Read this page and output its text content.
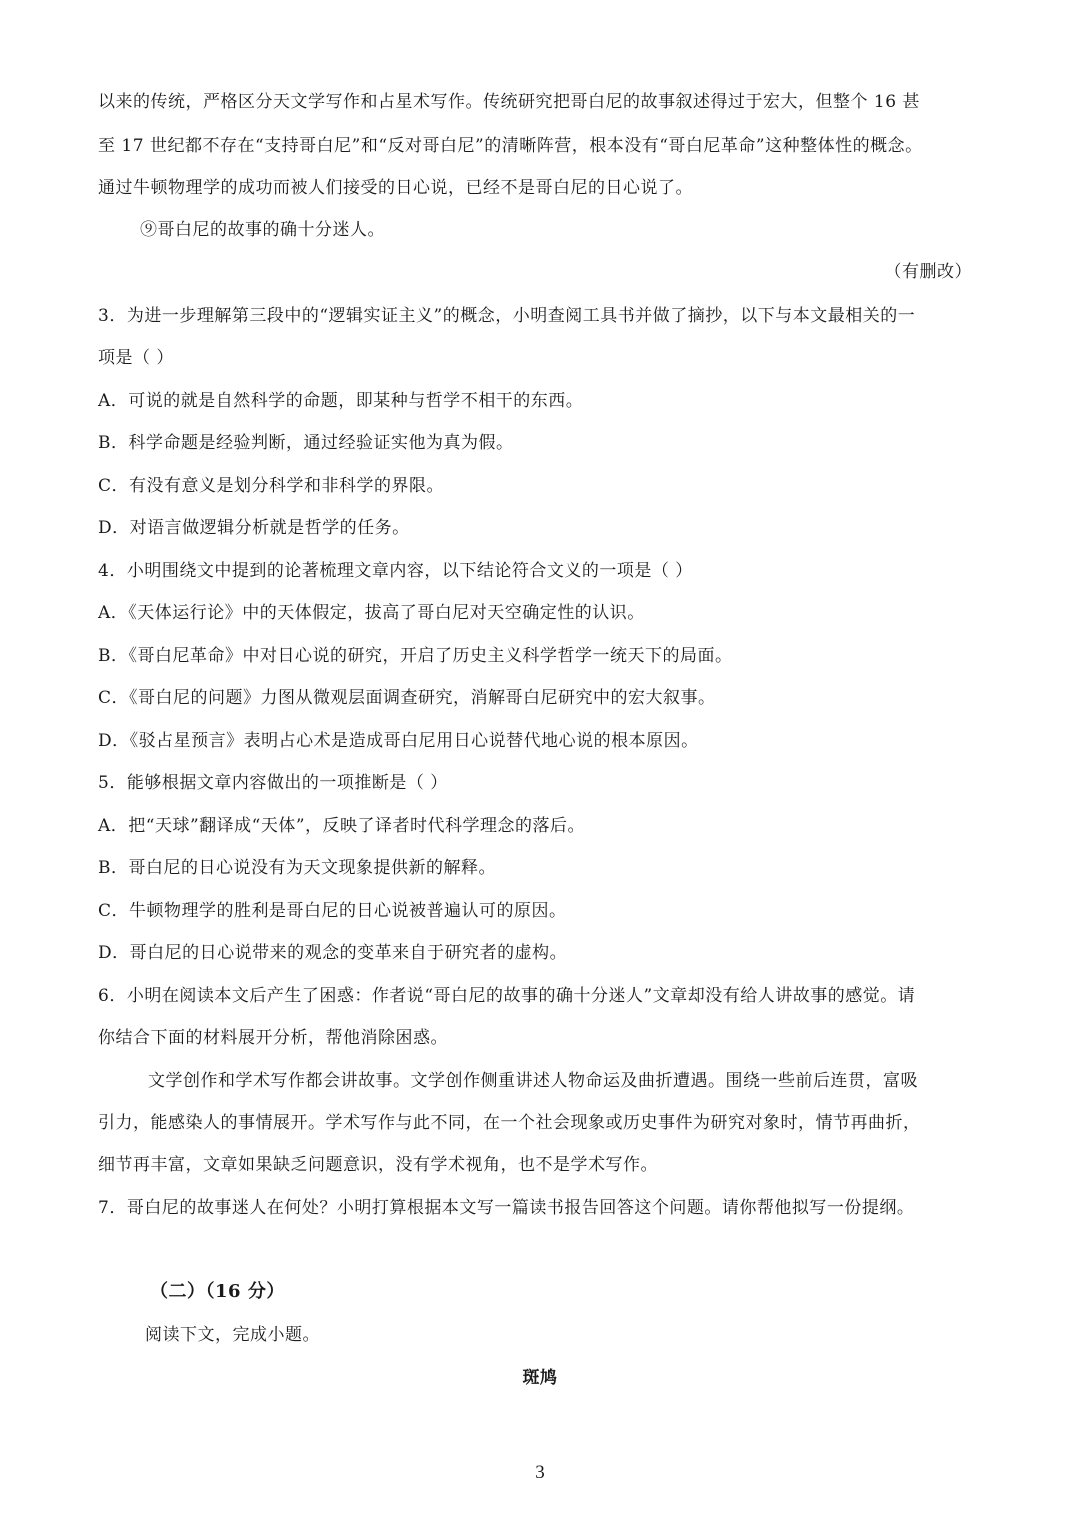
以来的传统，严格区分天文学写作和占星术写作。传统研究把哥白尼的故事叙述得过于宏大，但整个 16 甚
至 17 世纪都不存在“支持哥白尼”和“反对哥白尼”的清晰阵营，根本没有“哥白尼革命”这种整体性的概念。
通过牛顿物理学的成功而被人们接受的日心说，已经不是哥白尼的日心说了。
⑨哥白尼的故事的确十分迷人。
（有删改）
3．为进一步理解第三段中的“逻辑实证主义”的概念，小明查阅工具书并做了摘抄，以下与本文最相关的一
项是（ ）
A．可说的就是自然科学的命题，即某种与哲学不相干的东西。
B．科学命题是经验判断，通过经验证实他为真为假。
C．有没有意义是划分科学和非科学的界限。
D．对语言做逻辑分析就是哲学的任务。
4．小明围绕文中提到的论著梳理文章内容，以下结论符合文义的一项是（ ）
A．《天体运行论》中的天体假定，拔高了哥白尼对天空确定性的认识。
B．《哥白尼革命》中对日心说的研究，开启了历史主义科学哲学一统天下的局面。
C．《哥白尼的问题》力图从微观层面调查研究，消解哥白尼研究中的宏大叙事。
D．《驳占星预言》表明占心术是造成哥白尼用日心说替代地心说的根本原因。
5．能够根据文章内容做出的一项推断是（ ）
A．把“天球”翻译成“天体”，反映了译者时代科学理念的落后。
B．哥白尼的日心说没有为天文现象提供新的解释。
C．牛顿物理学的胜利是哥白尼的日心说被普遍认可的原因。
D．哥白尼的日心说带来的观念的变革来自于研究者的虚构。
6．小明在阅读本文后产生了困惑：作者说“哥白尼的故事的确十分迷人”文章却没有给人讲故事的感觉。请
你结合下面的材料展开分析，帮他消除困惑。
文学创作和学术写作都会讲故事。文学创作侧重讲述人物命运及曲折遭遇。围绕一些前后连贯，富吸
引力，能感染人的事情展开。学术写作与此不同，在一个社会现象或历史事件为研究对象时，情节再曲折，
细节再丰富，文章如果缺乏问题意识，没有学术视角，也不是学术写作。
7．哥白尼的故事迷人在何处？小明打算根据本文写一篇读书报告回答这个问题。请你帮他拟写一份提纲。
（二）（16 分）
阅读下文，完成小题。
斑鸠
3
